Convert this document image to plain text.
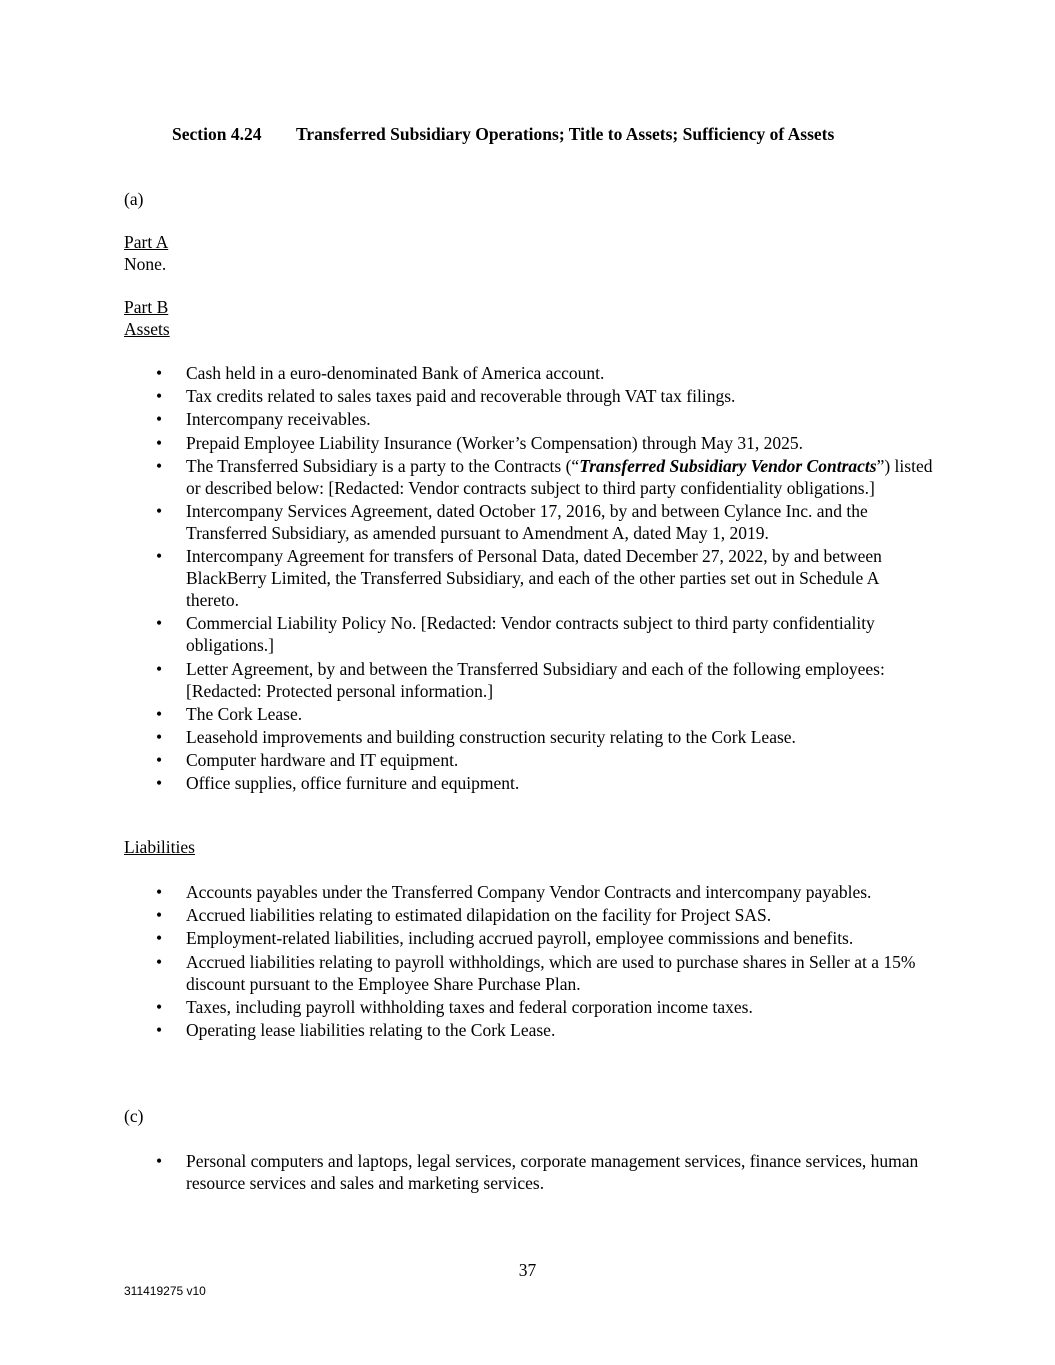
Section 4.24 Transferred Subsidiary Operations; Title to Assets; Sufficiency of Assets
(a)
Part A
None.
Part B
Assets
• Cash held in a euro-denominated Bank of America account.
• Tax credits related to sales taxes paid and recoverable through VAT tax filings.
• Intercompany receivables.
• Prepaid Employee Liability Insurance (Worker’s Compensation) through May 31, 2025.
• The Transferred Subsidiary is a party to the Contracts (“Transferred Subsidiary Vendor Contracts”) listed or described below: [Redacted: Vendor contracts subject to third party confidentiality obligations.]
• Intercompany Services Agreement, dated October 17, 2016, by and between Cylance Inc. and the Transferred Subsidiary, as amended pursuant to Amendment A, dated May 1, 2019.
• Intercompany Agreement for transfers of Personal Data, dated December 27, 2022, by and between BlackBerry Limited, the Transferred Subsidiary, and each of the other parties set out in Schedule A thereto.
• Commercial Liability Policy No. [Redacted: Vendor contracts subject to third party confidentiality obligations.]
• Letter Agreement, by and between the Transferred Subsidiary and each of the following employees: [Redacted: Protected personal information.]
• The Cork Lease.
• Leasehold improvements and building construction security relating to the Cork Lease.
• Computer hardware and IT equipment.
• Office supplies, office furniture and equipment.
Liabilities
• Accounts payables under the Transferred Company Vendor Contracts and intercompany payables.
• Accrued liabilities relating to estimated dilapidation on the facility for Project SAS.
• Employment-related liabilities, including accrued payroll, employee commissions and benefits.
• Accrued liabilities relating to payroll withholdings, which are used to purchase shares in Seller at a 15% discount pursuant to the Employee Share Purchase Plan.
• Taxes, including payroll withholding taxes and federal corporation income taxes.
• Operating lease liabilities relating to the Cork Lease.
(c)
• Personal computers and laptops, legal services, corporate management services, finance services, human resource services and sales and marketing services.
37
311419275 v10
